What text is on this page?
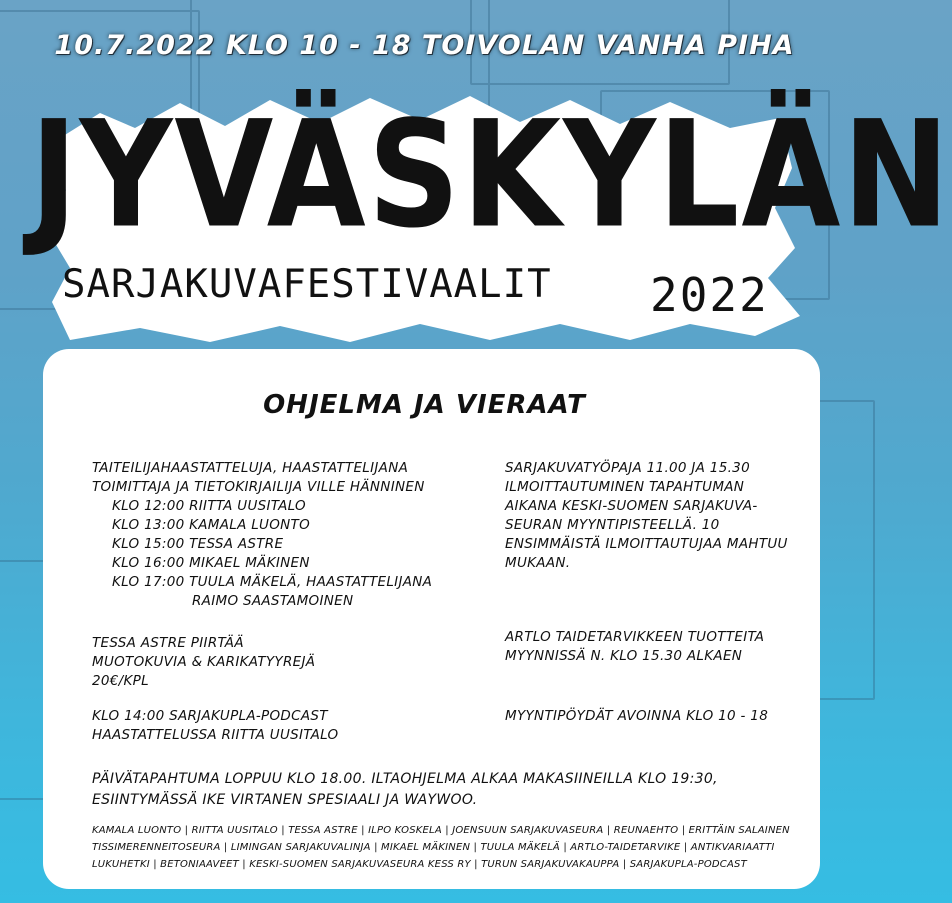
10.7.2022 KLO 10 - 18 TOIVOLAN VANHA PIHA
JYVÄSKYLÄN
SARJAKUVAFESTIVAALIT 2022
OHJELMA JA VIERAAT
TAITEILIJAHAASTATTELUJA, HAASTATTELIJANA
TOIMITTAJA JA TIETOKIRJAILIJA VILLE HÄNNINEN
KLO 12:00 RIITTA UUSITALO
KLO 13:00 KAMALA LUONTO
KLO 15:00 TESSA ASTRE
KLO 16:00 MIKAEL MÄKINEN
KLO 17:00 TUULA MÄKELÄ, HAASTATTELIJANA
RAIMO SAASTAMOINEN
TESSA ASTRE PIIRTÄÄ
MUOTOKUVIA & KARIKATYYREJÄ
20€/KPL
KLO 14:00 SARJAKUPLA-PODCAST
HAASTATTELUSSA RIITTA UUSITALO
SARJAKUVATYÖPAJA 11.00 JA 15.30
ILMOITTAUTUMINEN TAPAHTUMAN
AIKANA KESKI-SUOMEN SARJAKUVA-
SEURAN MYYNTIPISTEELLÄ. 10
ENSIMMÄISTÄ ILMOITTAUTUJAA MAHTUU
MUKAAN.
ARTLO TAIDETARVIKKEEN TUOTTEITA
MYYNNISSÄ N. KLO 15.30 ALKAEN
MYYNTIPÖYDÄT AVOINNA KLO 10 - 18
PÄIVÄTAPAHTUMA LOPPUU KLO 18.00. ILTAOHJELMA ALKAA MAKASIINEILLA KLO 19:30,
ESIINTYMÄSSÄ IKE VIRTANEN SPESIAALI JA WAYWOO.
KAMALA LUONTO | RIITTA UUSITALO | TESSA ASTRE | ILPO KOSKELA | JOENSUUN SARJAKUVASEURA | REUNAEHTO | ERITTÄIN SALAINEN
TISSIMERENNEITOSEURA | LIMINGAN SARJAKUVALINJA | MIKAEL MÄKINEN | TUULA MÄKELÄ | ARTLO-TAIDETARVIKE | ANTIKVARIAATTI
LUKUHETKI | BETONIAAVEET | KESKI-SUOMEN SARJAKUVASEURA KESS RY | TURUN SARJAKUVAKAUPPA | SARJAKUPLA-PODCAST
